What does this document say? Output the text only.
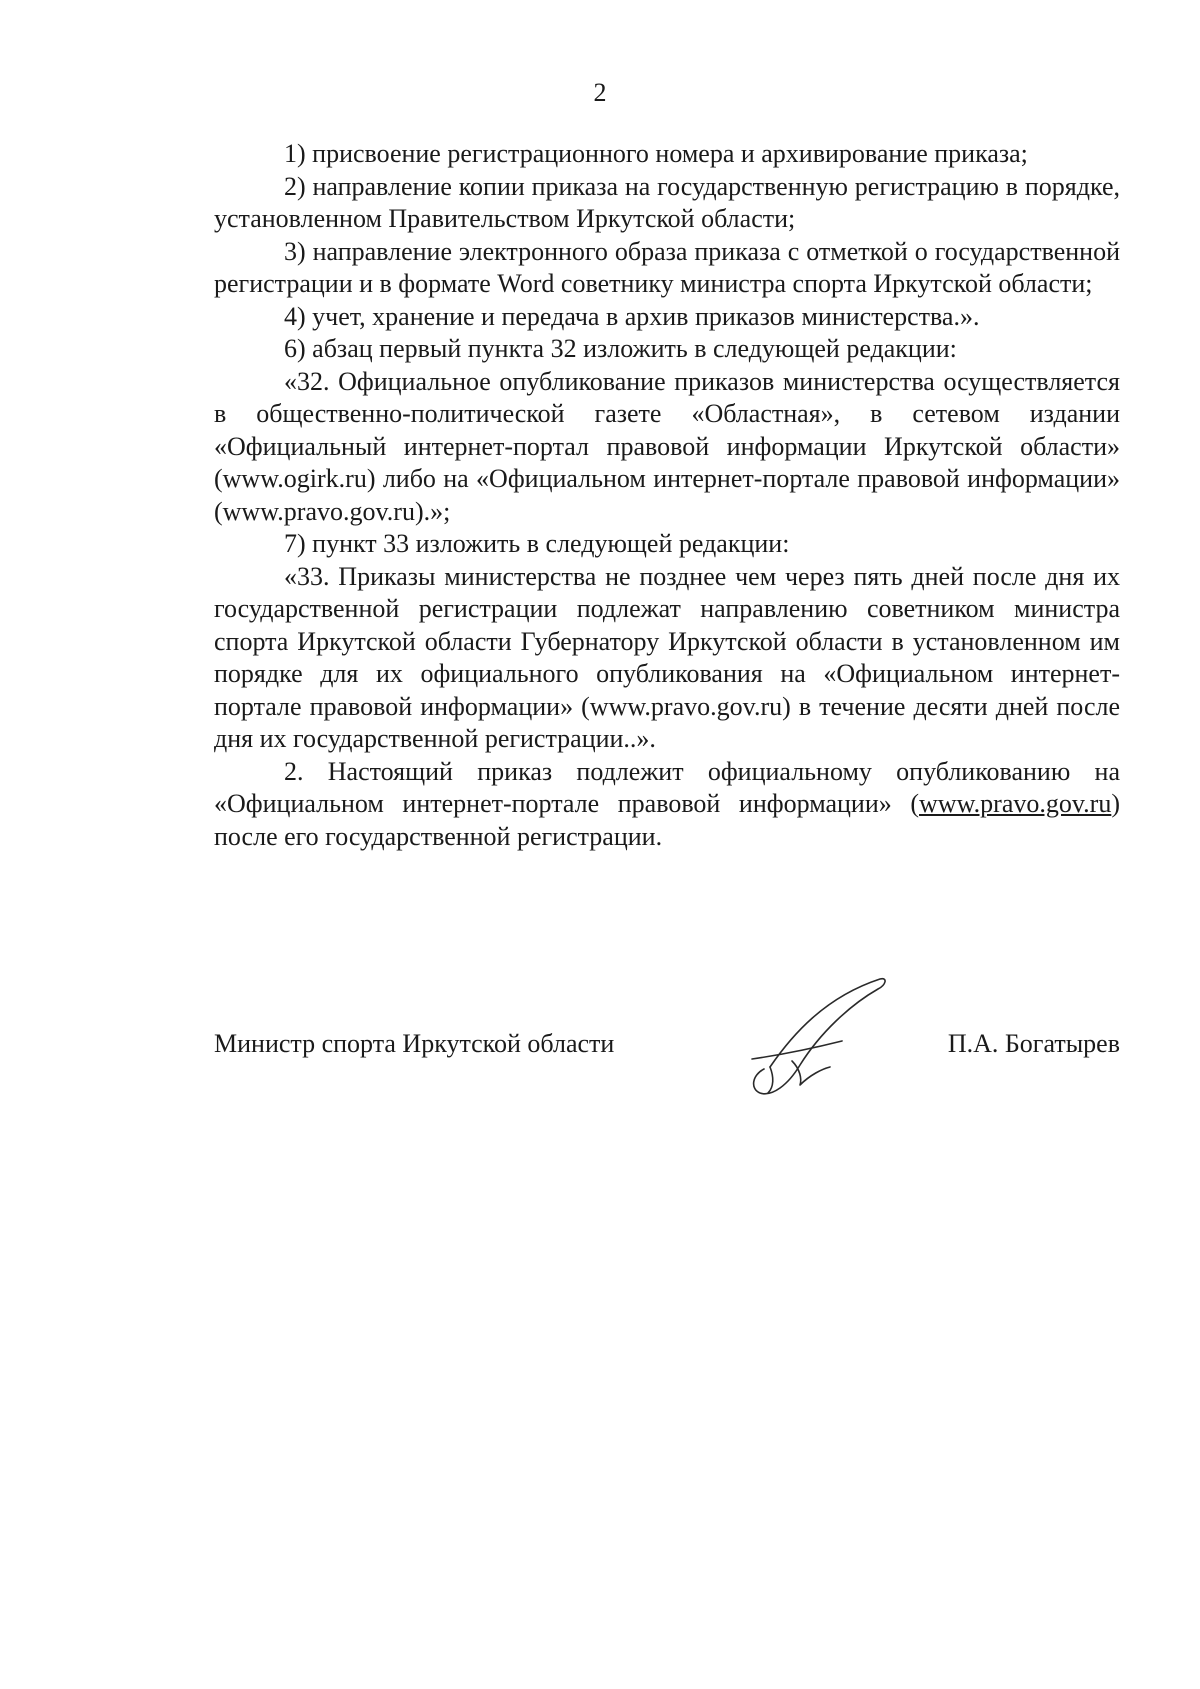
2

1) присвоение регистрационного номера и архивирование приказа;

2) направление копии приказа на государственную регистрацию в порядке, установленном Правительством Иркутской области;

3) направление электронного образа приказа с отметкой о государственной регистрации и в формате Word советнику министра спорта Иркутской области;

4) учет, хранение и передача в архив приказов министерства.».

6) абзац первый пункта 32 изложить в следующей редакции:

«32. Официальное опубликование приказов министерства осуществляется в общественно-политической газете «Областная», в сетевом издании «Официальный интернет-портал правовой информации Иркутской области» (www.ogirk.ru) либо на «Официальном интернет-портале правовой информации» (www.pravo.gov.ru).»;

7) пункт 33 изложить в следующей редакции:

«33. Приказы министерства не позднее чем через пять дней после дня их государственной регистрации подлежат направлению советником министра спорта Иркутской области Губернатору Иркутской области в установленном им порядке для их официального опубликования на «Официальном интернет-портале правовой информации» (www.pravo.gov.ru) в течение десяти дней после дня их государственной регистрации..».

2. Настоящий приказ подлежит официальному опубликованию на «Официальном интернет-портале правовой информации» (www.pravo.gov.ru) после его государственной регистрации.

Министр спорта Иркутской области	П.А. Богатырев
